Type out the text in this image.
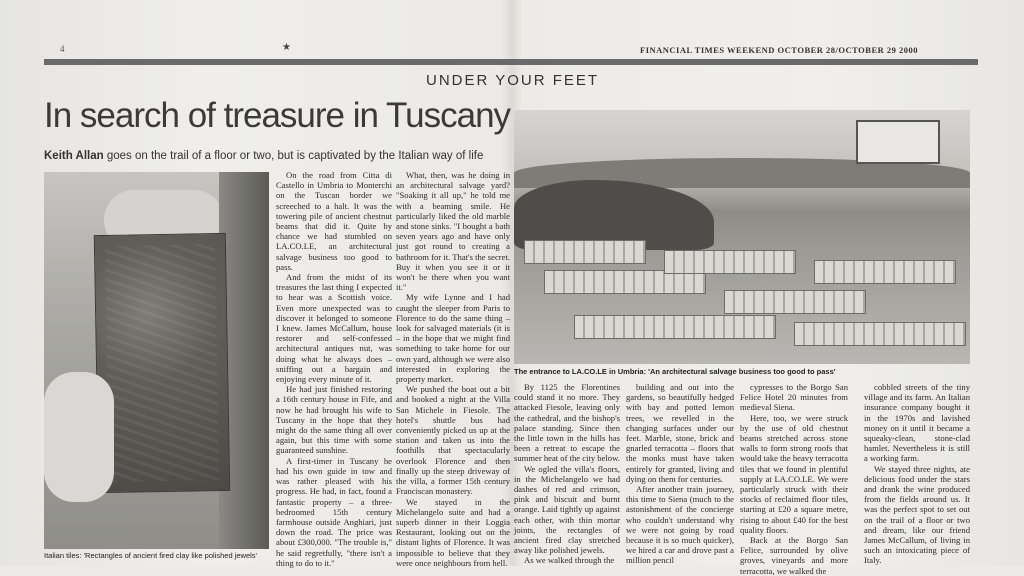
4	★	FINANCIAL TIMES WEEKEND OCTOBER 28/OCTOBER 29 2000
UNDER YOUR FEET
In search of treasure in Tuscany
Keith Allan goes on the trail of a floor or two, but is captivated by the Italian way of life
Italian tiles: 'Rectangles of ancient fired clay like polished jewels'

On the road from Citta di Castello in Umbria to Monterchi on the Tuscan border we screeched to a halt. It was the towering pile of ancient chestnut beams that did it. Quite by chance we had stumbled on LA.CO.LE, an architectural salvage business too good to pass.

And from the midst of its treasures the last thing I expected to hear was a Scottish voice. Even more unexpected was to discover it belonged to someone I knew. James McCallum, house restorer and self-confessed architectural antiques nut, was doing what he always does – sniffing out a bargain and enjoying every minute of it.

He had just finished restoring a 16th century house in Fife, and now he had brought his wife to Tuscany in the hope that they might do the same thing all over again, but this time with some guaranteed sunshine.

A first-timer in Tuscany he had his own guide in tow and was rather pleased with his progress. He had, in fact, found a fantastic property – a three-bedroomed 15th century farmhouse outside Anghiari, just down the road. The price was about £300,000. "The trouble is," he said regretfully, "there isn't a thing to do to it."

What, then, was he doing in an architectural salvage yard? "Soaking it all up," he told me with a beaming smile. He particularly liked the old marble and stone sinks. "I bought a bath seven years ago and have only just got round to creating a bathroom for it. That's the secret. Buy it when you see it or it won't be there when you want it."

My wife Lynne and I had caught the sleeper from Paris to Florence to do the same thing – look for salvaged materials (it is – in the hope that we might find something to take home for our own yard, although we were also interested in exploring the property market.

We pushed the boat out a bit and booked a night at the Villa San Michele in Fiesole. The hotel's shuttle bus had conveniently picked us up at the station and taken us into the foothills that spectacularly overlook Florence and then finally up the steep driveway of the villa, a former 15th century Franciscan monastery.

We stayed in the Michelangelo suite and had a superb dinner in their Loggia Restaurant, looking out on the distant lights of Florence. It was impossible to believe that they were once neighbours from hell.

The entrance to LA.CO.LE in Umbria: 'An architectural salvage business too good to pass'

By 1125 the Florentines could stand it no more. They attacked Fiesole, leaving only the cathedral, and the bishop's palace standing. Since then the little town in the hills has been a retreat to escape the summer heat of the city below.

We ogled the villa's floors, in the Michelangelo we had dashes of red and crimson, pink and biscuit and burnt orange. Laid tightly up against each other, with thin mortar joints, the rectangles of ancient fired clay stretched away like polished jewels.

As we walked through the

building and out into the gardens, so beautifully hedged with bay and potted lemon trees, we revelled in the changing surfaces under our feet. Marble, stone, brick and gnarled terracotta – floors that the monks must have taken entirely for granted, living and dying on them for centuries.

After another train journey, this time to Siena (much to the astonishment of the concierge who couldn't understand why we were not going by road because it is so much quicker), we hired a car and drove past a million pencil

cypresses to the Borgo San Felice Hotel 20 minutes from medieval Siena.

Here, too, we were struck by the use of old chestnut beams stretched across stone walls to form strong roofs that would take the heavy terracotta tiles that we found in plentiful supply at LA.CO.LE. We were particularly struck with their stocks of reclaimed floor tiles, starting at £20 a square metre, rising to about £40 for the best quality floors.

Back at the Borgo San Felice, surrounded by olive groves, vineyards and more terracotta, we walked the

cobbled streets of the tiny village and its farm. An Italian insurance company bought it in the 1970s and lavished money on it until it became a squeaky-clean, stone-clad hamlet. Nevertheless it is still a working farm.

We stayed three nights, ate delicious food under the stars and drank the wine produced from the fields around us. It was the perfect spot to set out on the trail of a floor or two and dream, like our friend James McCallum, of living in such an intoxicating piece of Italy.
